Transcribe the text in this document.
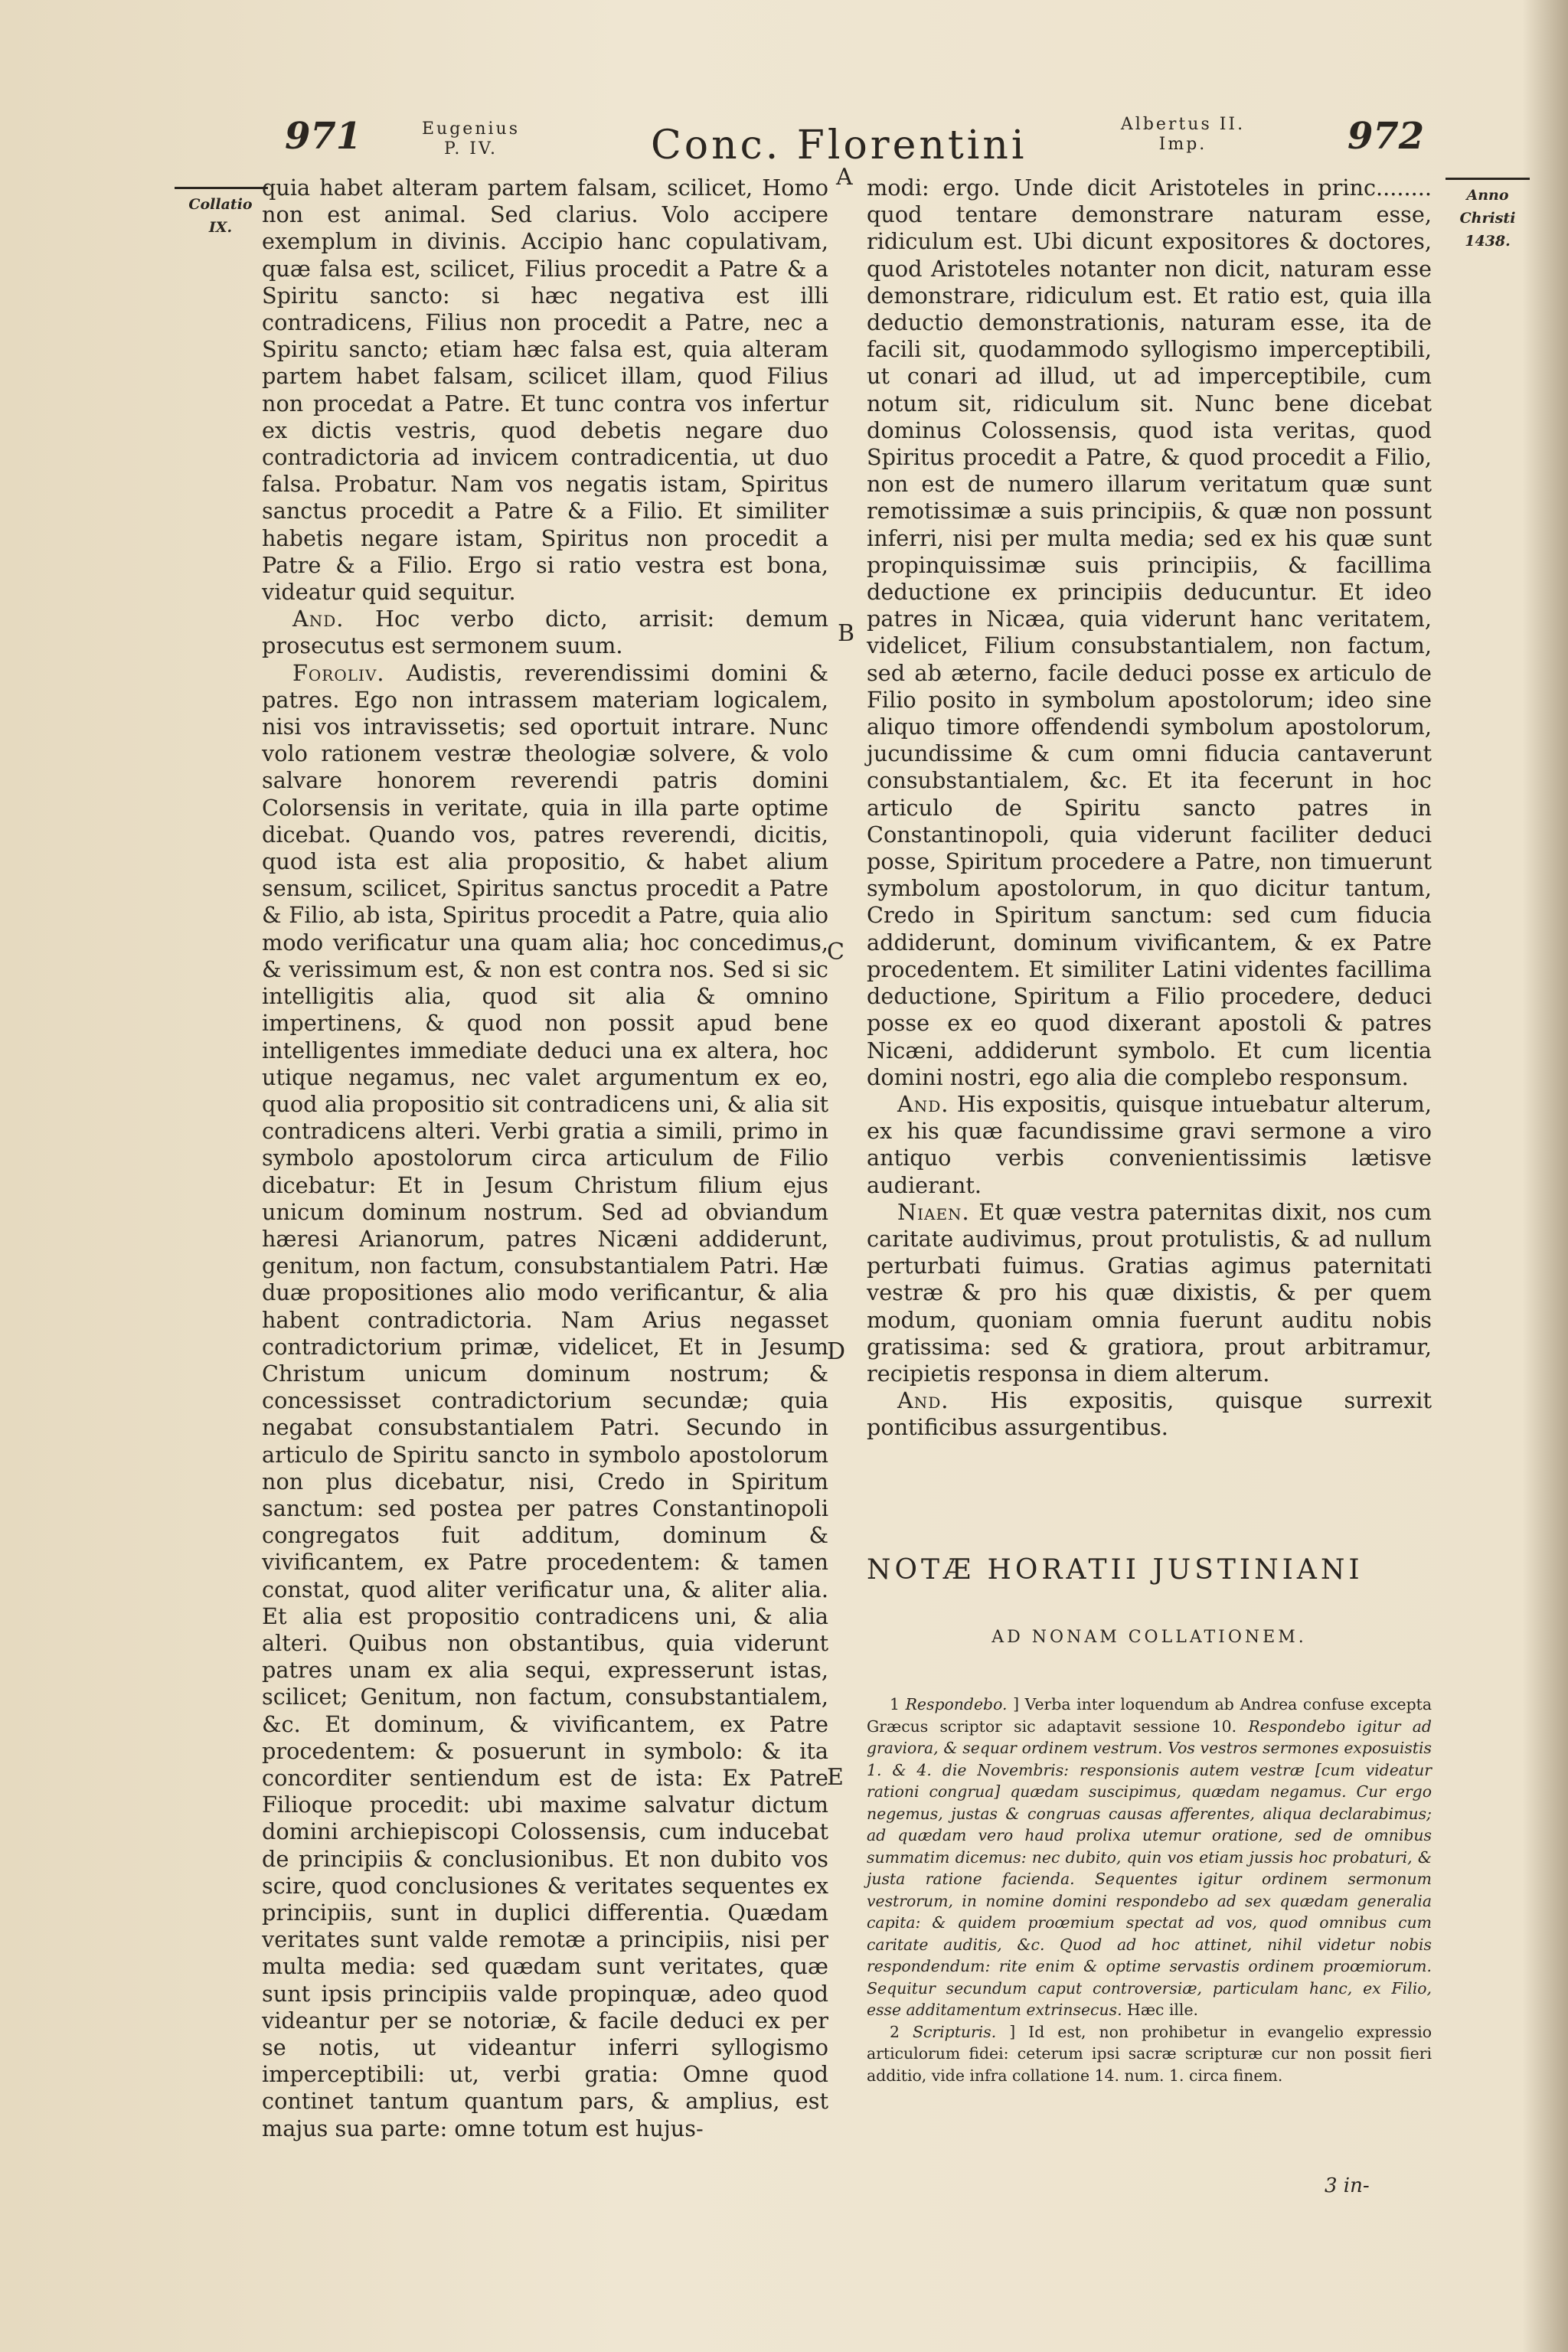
971	Eugenius
P. IV.	Conc. Florentini	Albertus II.
Imp.	972
Collatio
IX.
Anno
Christi
1438.
A
B
C
D
E

quia habet alteram partem falsam, scilicet, Homo non est animal. Sed clarius. Volo accipere exemplum in divinis. Accipio hanc copulativam, quæ falsa est, scilicet, Filius procedit a Patre & a Spiritu sancto: si hæc negativa est illi contradicens, Filius non procedit a Patre, nec a Spiritu sancto; etiam hæc falsa est, quia alteram partem habet falsam, scilicet illam, quod Filius non procedat a Patre. Et tunc contra vos infertur ex dictis vestris, quod debetis negare duo contradictoria ad invicem contradicentia, ut duo falsa. Probatur. Nam vos negatis istam, Spiritus sanctus procedit a Patre & a Filio. Et similiter habetis negare istam, Spiritus non procedit a Patre & a Filio. Ergo si ratio vestra est bona, videatur quid sequitur.

And. Hoc verbo dicto, arrisit: demum prosecutus est sermonem suum.

Foroliv. Audistis, reverendissimi domini & patres. Ego non intrassem materiam logicalem, nisi vos intravissetis; sed oportuit intrare. Nunc volo rationem vestræ theologiæ solvere, & volo salvare honorem reverendi patris domini Colorsensis in veritate, quia in illa parte optime dicebat. Quando vos, patres reverendi, dicitis, quod ista est alia propositio, & habet alium sensum, scilicet, Spiritus sanctus procedit a Patre & Filio, ab ista, Spiritus procedit a Patre, quia alio modo verificatur una quam alia; hoc concedimus, & verissimum est, & non est contra nos. Sed si sic intelligitis alia, quod sit alia & omnino impertinens, & quod non possit apud bene intelligentes immediate deduci una ex altera, hoc utique negamus, nec valet argumentum ex eo, quod alia propositio sit contradicens uni, & alia sit contradicens alteri. Verbi gratia a simili, primo in symbolo apostolorum circa articulum de Filio dicebatur: Et in Jesum Christum filium ejus unicum dominum nostrum. Sed ad obviandum hæresi Arianorum, patres Nicæni addiderunt, genitum, non factum, consubstantialem Patri. Hæ duæ propositiones alio modo verificantur, & alia habent contradictoria. Nam Arius negasset contradictorium primæ, videlicet, Et in Jesum Christum unicum dominum nostrum; & concessisset contradictorium secundæ; quia negabat consubstantialem Patri. Secundo in articulo de Spiritu sancto in symbolo apostolorum non plus dicebatur, nisi, Credo in Spiritum sanctum: sed postea per patres Constantinopoli congregatos fuit additum, dominum & vivificantem, ex Patre procedentem: & tamen constat, quod aliter verificatur una, & aliter alia. Et alia est propositio contradicens uni, & alia alteri. Quibus non obstantibus, quia viderunt patres unam ex alia sequi, expresserunt istas, scilicet; Genitum, non factum, consubstantialem, &c. Et dominum, & vivificantem, ex Patre procedentem: & posuerunt in symbolo: & ita concorditer sentiendum est de ista: Ex Patre Filioque procedit: ubi maxime salvatur dictum domini archiepiscopi Colossensis, cum inducebat de principiis & conclusionibus. Et non dubito vos scire, quod conclusiones & veritates sequentes ex principiis, sunt in duplici differentia. Quædam veritates sunt valde remotæ a principiis, nisi per multa media: sed quædam sunt veritates, quæ sunt ipsis principiis valde propinquæ, adeo quod videantur per se notoriæ, & facile deduci ex per se notis, ut videantur inferri syllogismo imperceptibili: ut, verbi gratia: Omne quod continet tantum quantum pars, & amplius, est majus sua parte: omne totum est hujus-

modi: ergo. Unde dicit Aristoteles in princ........ quod tentare demonstrare naturam esse, ridiculum est. Ubi dicunt expositores & doctores, quod Aristoteles notanter non dicit, naturam esse demonstrare, ridiculum est. Et ratio est, quia illa deductio demonstrationis, naturam esse, ita de facili sit, quodammodo syllogismo imperceptibili, ut conari ad illud, ut ad imperceptibile, cum notum sit, ridiculum sit. Nunc bene dicebat dominus Colossensis, quod ista veritas, quod Spiritus procedit a Patre, & quod procedit a Filio, non est de numero illarum veritatum quæ sunt remotissimæ a suis principiis, & quæ non possunt inferri, nisi per multa media; sed ex his quæ sunt propinquissimæ suis principiis, & facillima deductione ex principiis deducuntur. Et ideo patres in Nicæa, quia viderunt hanc veritatem, videlicet, Filium consubstantialem, non factum, sed ab æterno, facile deduci posse ex articulo de Filio posito in symbolum apostolorum; ideo sine aliquo timore offendendi symbolum apostolorum, jucundissime & cum omni fiducia cantaverunt consubstantialem, &c. Et ita fecerunt in hoc articulo de Spiritu sancto patres in Constantinopoli, quia viderunt faciliter deduci posse, Spiritum procedere a Patre, non timuerunt symbolum apostolorum, in quo dicitur tantum, Credo in Spiritum sanctum: sed cum fiducia addiderunt, dominum vivificantem, & ex Patre procedentem. Et similiter Latini videntes facillima deductione, Spiritum a Filio procedere, deduci posse ex eo quod dixerant apostoli & patres Nicæni, addiderunt symbolo. Et cum licentia domini nostri, ego alia die complebo responsum.

And. His expositis, quisque intuebatur alterum, ex his quæ facundissime gravi sermone a viro antiquo verbis convenientissimis lætisve audierant.

Niaen. Et quæ vestra paternitas dixit, nos cum caritate audivimus, prout protulistis, & ad nullum perturbati fuimus. Gratias agimus paternitati vestræ & pro his quæ dixistis, & per quem modum, quoniam omnia fuerunt auditu nobis gratissima: sed & gratiora, prout arbitramur, recipietis responsa in diem alterum.

And. His expositis, quisque surrexit pontificibus assurgentibus.

NOTÆ HORATII JUSTINIANI
AD NONAM COLLATIONEM.

1 Respondebo. ] Verba inter loquendum ab Andrea confuse excepta Græcus scriptor sic adaptavit sessione 10. Respondebo igitur ad graviora, & sequar ordinem vestrum. Vos vestros sermones exposuistis 1. & 4. die Novembris: responsionis autem vestræ [cum videatur rationi congrua] quædam suscipimus, quædam negamus. Cur ergo negemus, justas & congruas causas afferentes, aliqua declarabimus; ad quædam vero haud prolixa utemur oratione, sed de omnibus summatim dicemus: nec dubito, quin vos etiam jussis hoc probaturi, & justa ratione facienda. Sequentes igitur ordinem sermonum vestrorum, in nomine domini respondebo ad sex quædam generalia capita: & quidem proœmium spectat ad vos, quod omnibus cum caritate auditis, &c. Quod ad hoc attinet, nihil videtur nobis respondendum: rite enim & optime servastis ordinem proœmiorum. Sequitur secundum caput controversiæ, particulam hanc, ex Filio, esse additamentum extrinsecus. Hæc ille.

2 Scripturis. ] Id est, non prohibetur in evangelio expressio articulorum fidei: ceterum ipsi sacræ scripturæ cur non possit fieri additio, vide infra collatione 14. num. 1. circa finem.

3 in-
